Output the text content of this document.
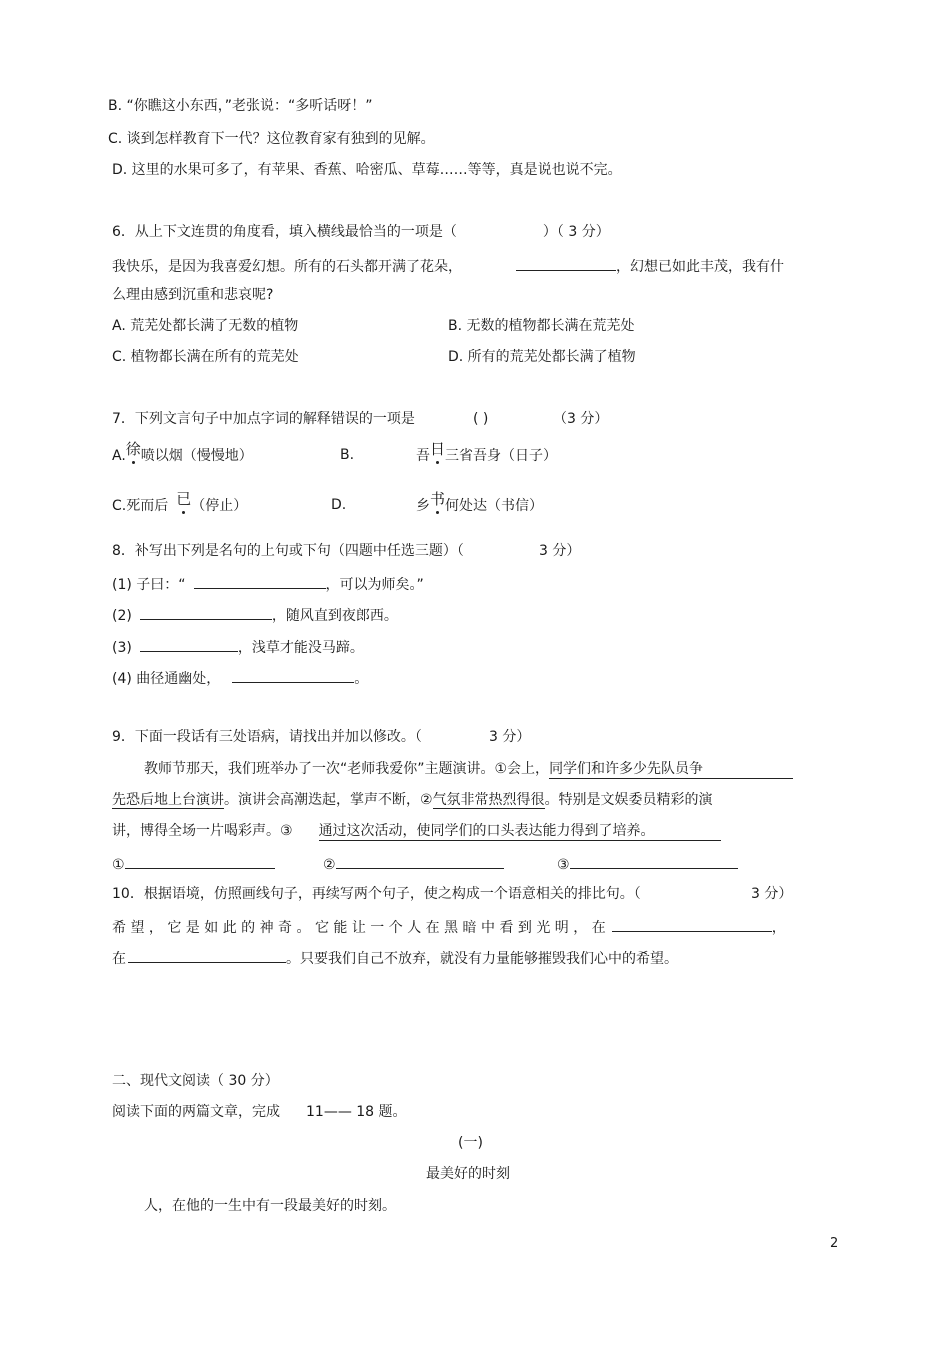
B. “你瞧这小东西，”老张说：“多听话呀！”
C. 谈到怎样教育下一代？这位教育家有独到的见解。
D. 这里的水果可多了，有苹果、香蕉、哈密瓜、草莓……等等，真是说也说不完。
6．从上下文连贯的角度看，填入横线最恰当的一项是（	）（ 3 分）
我快乐，是因为我喜爱幻想。所有的石头都开满了花朵，	，幻想已如此丰茂，我有什
么理由感到沉重和悲哀呢?
A. 荒芜处都长满了无数的植物	B. 无数的植物都长满在荒芜处
C. 植物都长满在所有的荒芜处	D. 所有的荒芜处都长满了植物
7．下列文言句子中加点字词的解释错误的一项是	( )	（3 分）
A.徐喷以烟（慢慢地）	B.	吾日三省吾身（日子）
C.死而后 已（停止）	D.	乡书何处达（书信）
8．补写出下列是名句的上句或下句（四题中任选三题）（	3 分）
(1) 子曰：“	，可以为师矣。”
(2)	，随风直到夜郎西。
(3)	，浅草才能没马蹄。
(4) 曲径通幽处，	。
9．下面一段话有三处语病，请找出并加以修改。（	3 分）
教师节那天，我们班举办了一次“老师我爱你”主题演讲。①会上，同学们和许多少先队员争
先恐后地上台演讲。演讲会高潮迭起，掌声不断，②气氛非常热烈得很。特别是文娱委员精彩的演
讲，博得全场一片喝彩声。③ 通过这次活动，使同学们的口头表达能力得到了培养。
①	②	③
10．根据语境，仿照画线句子，再续写两个句子，使之构成一个语意相关的排比句。（	3 分）
希 望 ， 它 是 如 此 的 神 奇 。 它 能 让 一 个 人 在 黑 暗 中 看 到 光 明 ， 在	，
在	。只要我们自己不放弃，就没有力量能够摧毁我们心中的希望。
二、现代文阅读（ 30 分）
阅读下面的两篇文章，完成 11—— 18 题。
(一)
最美好的时刻
人，在他的一生中有一段最美好的时刻。
2
